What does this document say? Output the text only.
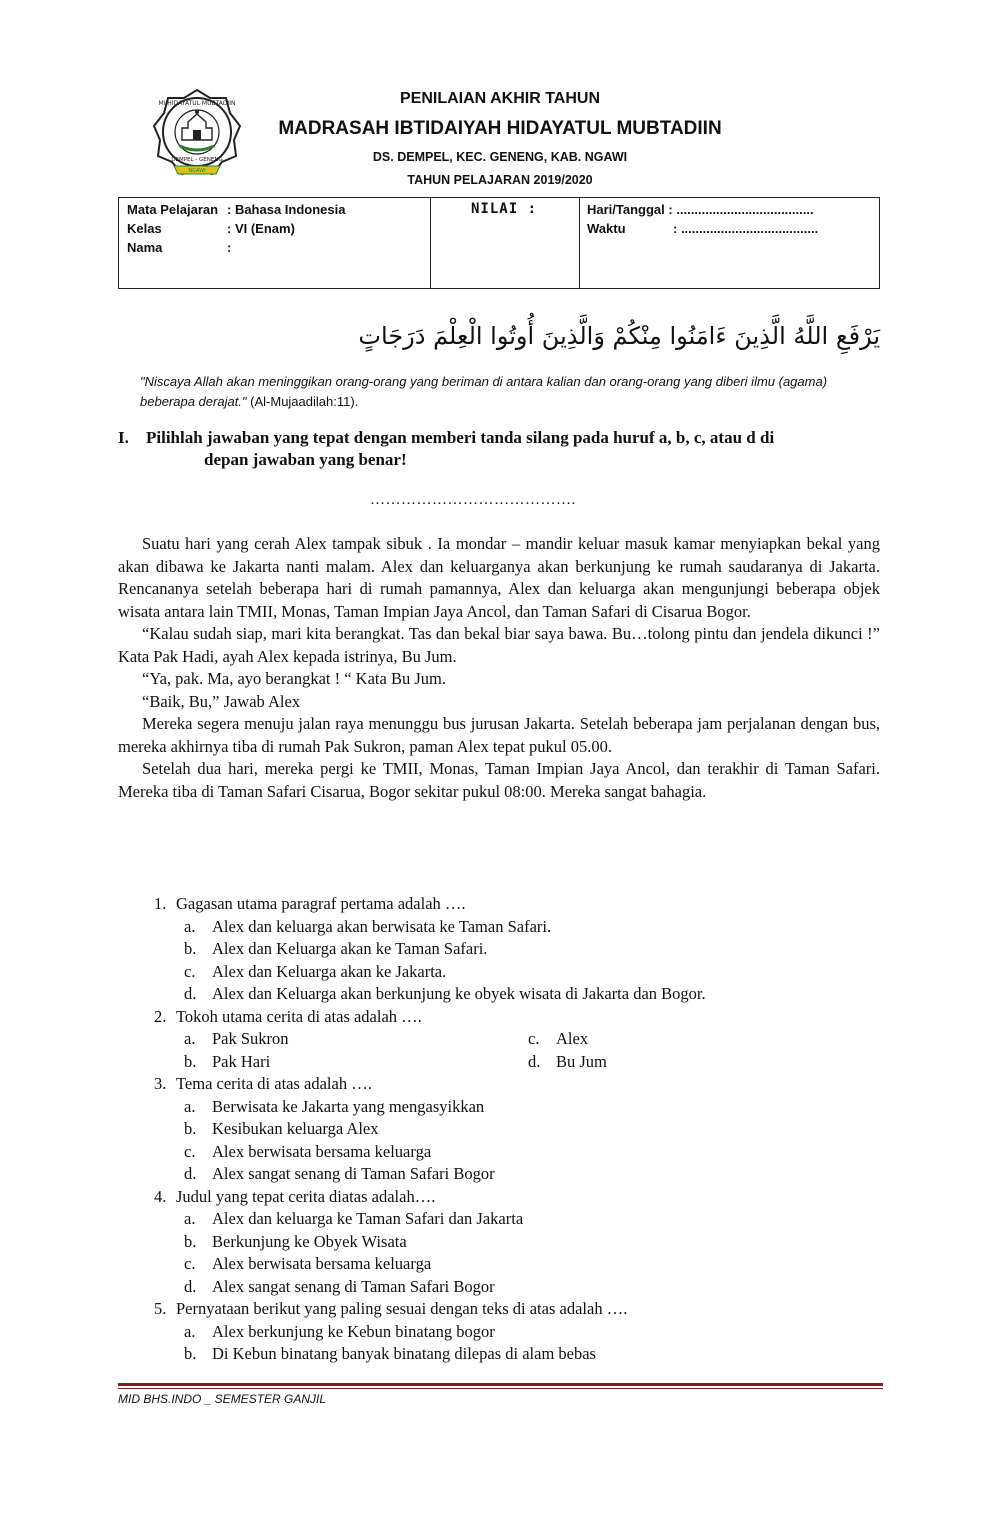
MI HIDAYATUL MUBTADIIN
DEMPEL - GENENG
NGAWI
PENILAIAN AKHIR TAHUN
MADRASAH IBTIDAIYAH HIDAYATUL MUBTADIIN
DS. DEMPEL, KEC. GENENG, KAB. NGAWI
TAHUN PELAJARAN 2019/2020
Mata Pelajaran : Bahasa Indonesia
Kelas	: VI (Enam)
Nama	:
NILAI :	Hari/Tanggal : ......................................
Waktu	: ......................................
يَرْفَعِ اللَّهُ الَّذِينَ ءَامَنُوا مِنْكُمْ وَالَّذِينَ أُوتُوا الْعِلْمَ دَرَجَاتٍ
"Niscaya Allah akan meninggikan orang-orang yang beriman di antara kalian dan orang-orang yang diberi ilmu (agama) beberapa derajat." (Al-Mujaadilah:11).
I. Pilihlah jawaban yang tepat dengan memberi tanda silang pada huruf a, b, c, atau d di
depan jawaban yang benar!
………………………………….

Suatu hari yang cerah Alex tampak sibuk . Ia mondar – mandir keluar masuk kamar menyiapkan bekal yang akan dibawa ke Jakarta nanti malam. Alex dan keluarganya akan berkunjung ke rumah saudaranya di Jakarta. Rencananya setelah beberapa hari di rumah pamannya, Alex dan keluarga akan mengunjungi beberapa objek wisata antara lain TMII, Monas, Taman Impian Jaya Ancol, dan Taman Safari di Cisarua Bogor.

“Kalau sudah siap, mari kita berangkat. Tas dan bekal biar saya bawa. Bu…tolong pintu dan jendela dikunci !” Kata Pak Hadi, ayah Alex kepada istrinya, Bu Jum.

“Ya, pak. Ma, ayo berangkat ! “ Kata Bu Jum.

“Baik, Bu,” Jawab Alex

Mereka segera menuju jalan raya menunggu bus jurusan Jakarta. Setelah beberapa jam perjalanan dengan bus, mereka akhirnya tiba di rumah Pak Sukron, paman Alex tepat pukul 05.00.

Setelah dua hari, mereka pergi ke TMII, Monas, Taman Impian Jaya Ancol, dan terakhir di Taman Safari. Mereka tiba di Taman Safari Cisarua, Bogor sekitar pukul 08:00. Mereka sangat bahagia.

1. Gagasan utama paragraf pertama adalah ….
a.	Alex dan keluarga akan berwisata ke Taman Safari.
b. Alex dan Keluarga akan ke Taman Safari.
c.	Alex dan Keluarga akan ke Jakarta.
d. Alex dan Keluarga akan berkunjung ke obyek wisata di Jakarta dan Bogor.
2. Tokoh utama cerita di atas adalah ….
a.	Pak Sukron	c.	Alex
b. Pak Hari	d. Bu Jum
3. Tema cerita di atas adalah ….
a.	Berwisata ke Jakarta yang mengasyikkan
b. Kesibukan keluarga Alex
c.	Alex berwisata bersama keluarga
d. Alex sangat senang di Taman Safari Bogor
4. Judul yang tepat cerita diatas adalah….
a.	Alex dan keluarga ke Taman Safari dan Jakarta
b. Berkunjung ke Obyek Wisata
c.	Alex berwisata bersama keluarga
d. Alex sangat senang di Taman Safari Bogor
5. Pernyataan berikut yang paling sesuai dengan teks di atas adalah ….
a.	Alex berkunjung ke Kebun binatang bogor
b. Di Kebun binatang banyak binatang dilepas di alam bebas
MID BHS.INDO _ SEMESTER GANJIL
